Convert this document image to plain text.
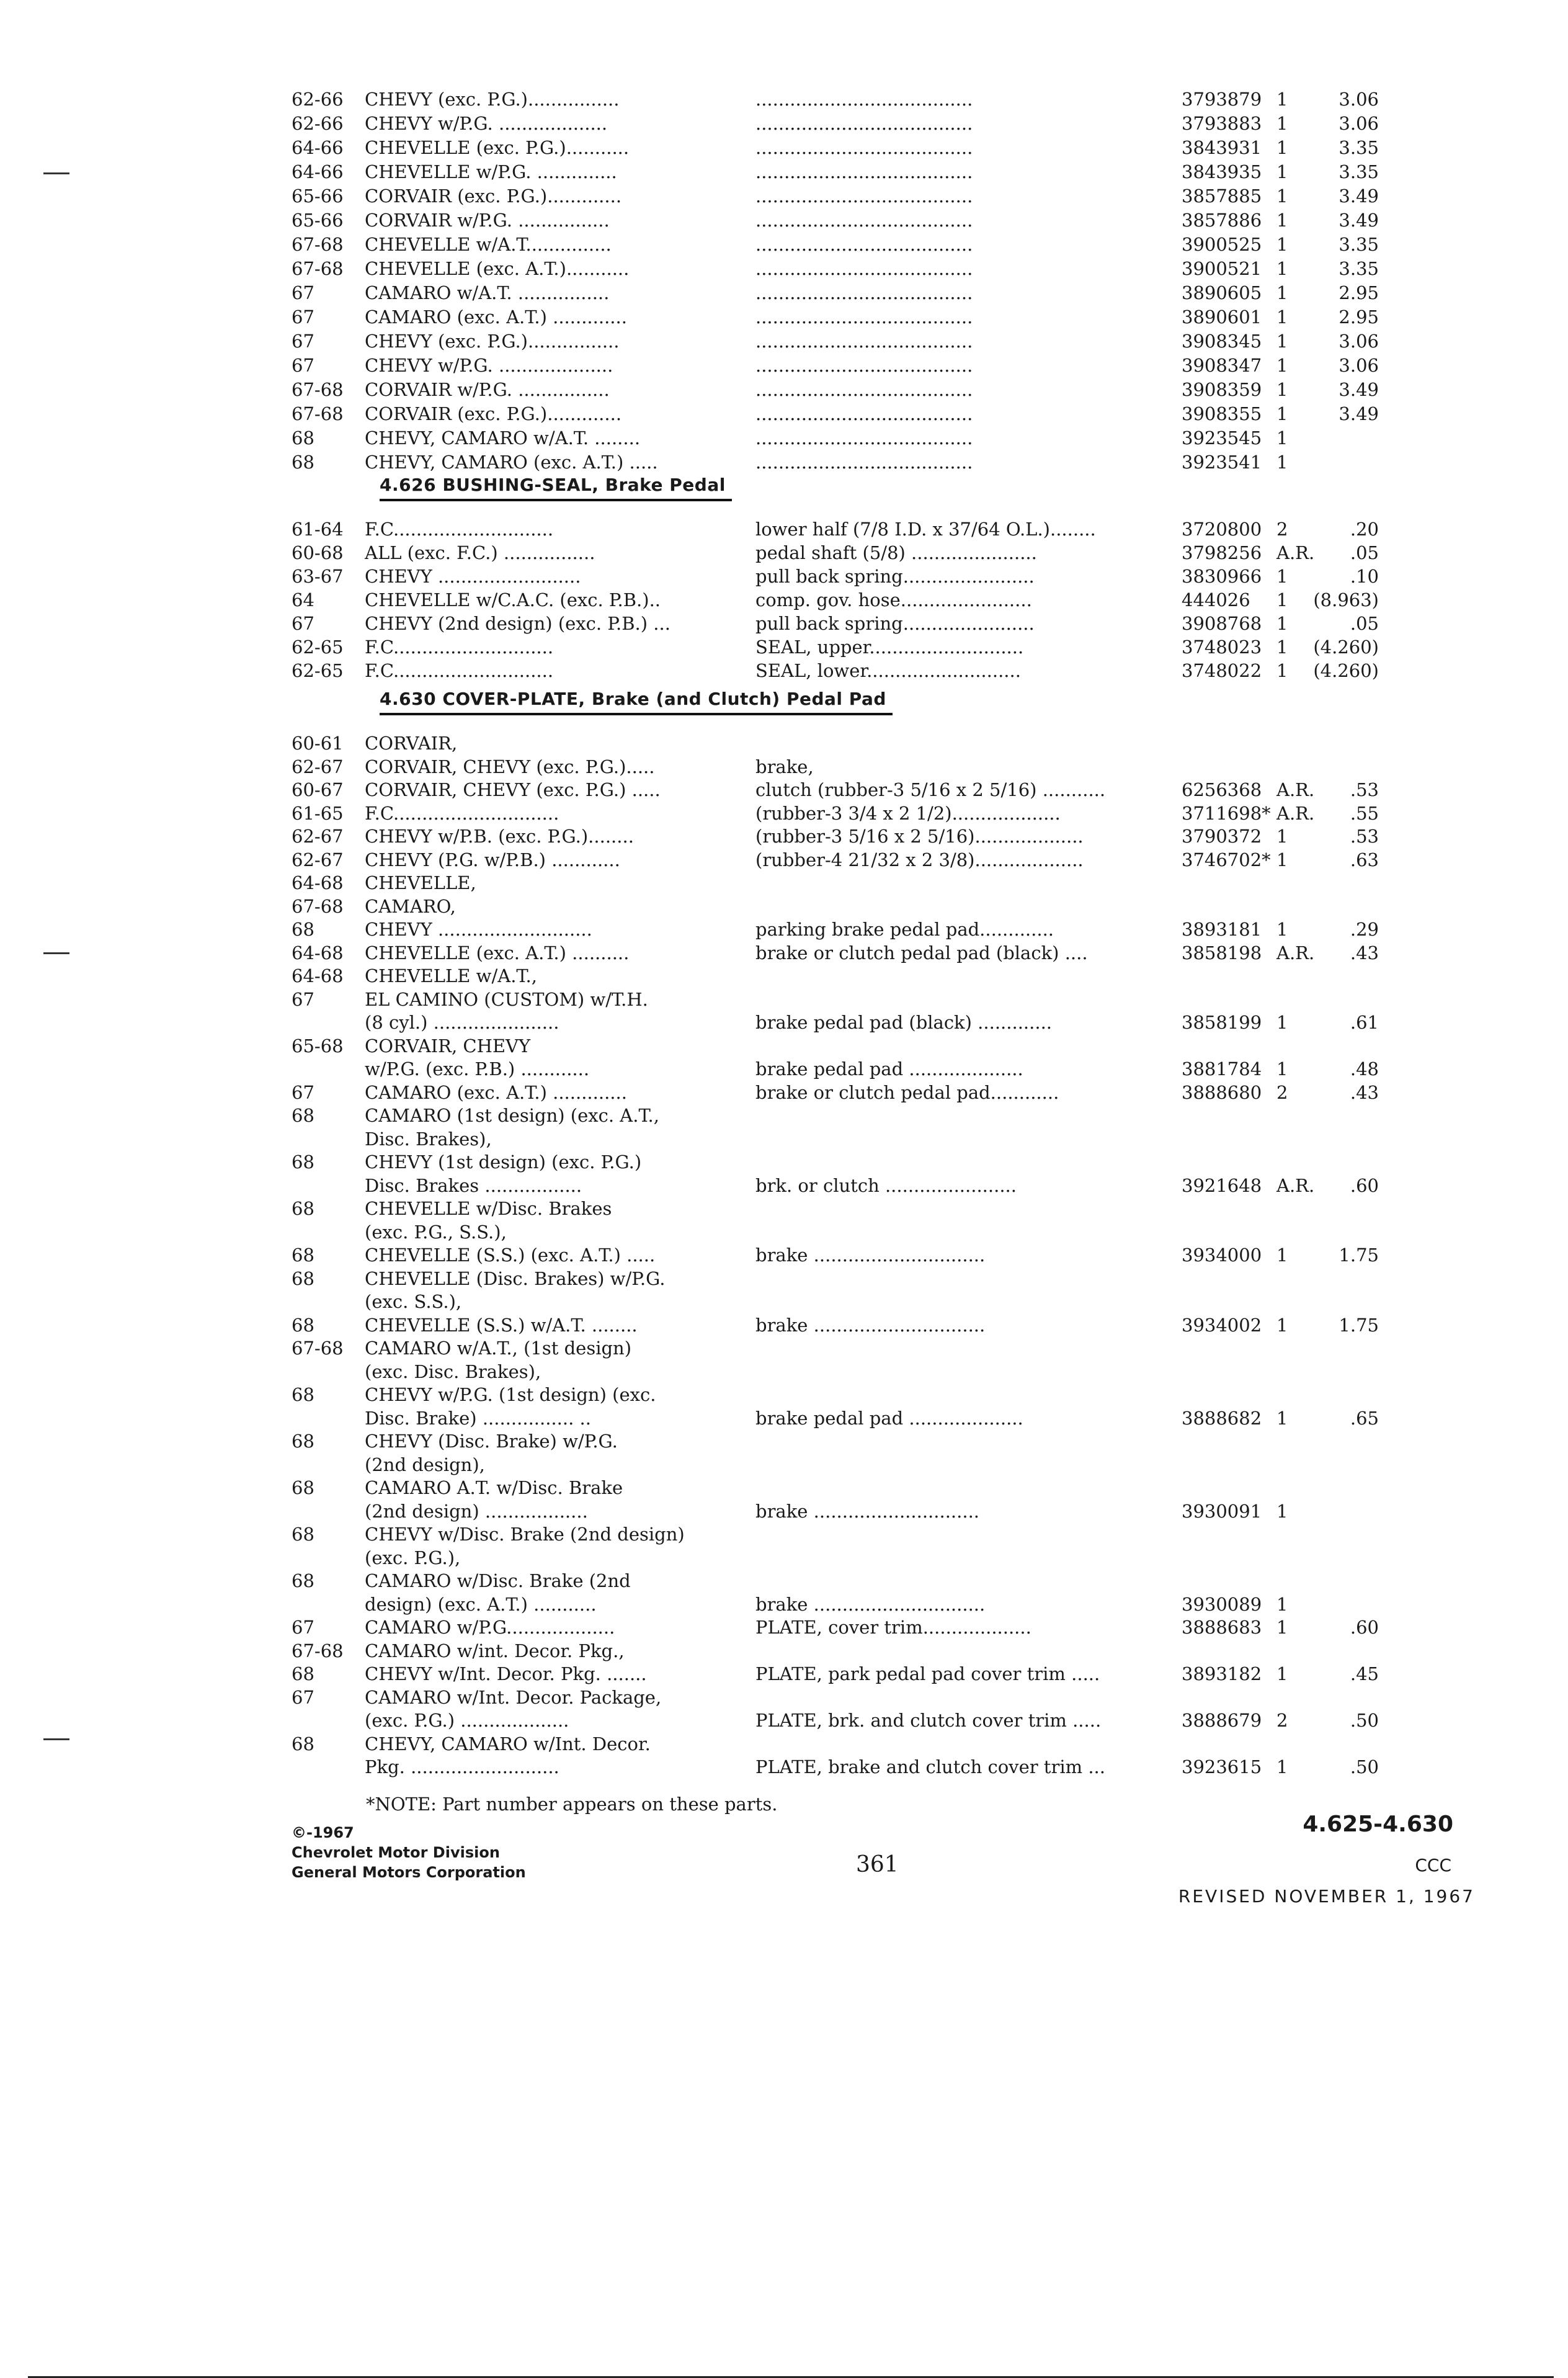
62-66 CHEVY (exc. P.G.)................	......................................	3793879 1	3.06
62-66 CHEVY w/P.G. ...................	......................................	3793883 1	3.06
64-66 CHEVELLE (exc. P.G.)...........	......................................	3843931 1	3.35
64-66 CHEVELLE w/P.G. ..............	......................................	3843935 1	3.35
65-66 CORVAIR (exc. P.G.).............	......................................	3857885 1	3.49
65-66 CORVAIR w/P.G. ................	......................................	3857886 1	3.49
67-68 CHEVELLE w/A.T...............	......................................	3900525 1	3.35
67-68 CHEVELLE (exc. A.T.)...........	......................................	3900521 1	3.35
67	CAMARO w/A.T. ................	......................................	3890605 1	2.95
67	CAMARO (exc. A.T.) .............	......................................	3890601 1	2.95
67	CHEVY (exc. P.G.)................	......................................	3908345 1	3.06
67	CHEVY w/P.G. ....................	......................................	3908347 1	3.06
67-68 CORVAIR w/P.G. ................	......................................	3908359 1	3.49
67-68 CORVAIR (exc. P.G.).............	......................................	3908355 1	3.49
68	CHEVY, CAMARO w/A.T. ........	......................................	3923545 1
68	CHEVY, CAMARO (exc. A.T.) .....	......................................	3923541 1
4.626 BUSHING-SEAL, Brake Pedal
61-64 F.C............................	lower half (7/8 I.D. x 37/64 O.L.)........	3720800 2	.20
60-68 ALL (exc. F.C.) ................	pedal shaft (5/8) ......................	3798256 A.R. .05
63-67 CHEVY .........................	pull back spring.......................	3830966 1	.10
64	CHEVELLE w/C.A.C. (exc. P.B.)..	comp. gov. hose.......................	444026 1 (8.963)
67	CHEVY (2nd design) (exc. P.B.) ...	pull back spring.......................	3908768 1	.05
62-65 F.C............................	SEAL, upper...........................	3748023 1 (4.260)
62-65 F.C............................	SEAL, lower...........................	3748022 1 (4.260)
4.630 COVER-PLATE, Brake (and Clutch) Pedal Pad
60-61 CORVAIR,
62-67 CORVAIR, CHEVY (exc. P.G.).....	brake,
60-67 CORVAIR, CHEVY (exc. P.G.) .....	clutch (rubber-3 5/16 x 2 5/16) ...........	6256368 A.R. .53
61-65 F.C.............................	(rubber-3 3/4 x 2 1/2)...................	3711698* A.R. .55
62-67 CHEVY w/P.B. (exc. P.G.)........	(rubber-3 5/16 x 2 5/16)...................	3790372 1	.53
62-67 CHEVY (P.G. w/P.B.) ............	(rubber-4 21/32 x 2 3/8)...................	3746702* 1	.63
64-68 CHEVELLE,
67-68 CAMARO,
68	CHEVY ...........................	parking brake pedal pad.............	3893181 1	.29
64-68 CHEVELLE (exc. A.T.) ..........	brake or clutch pedal pad (black) ....	3858198 A.R. .43
64-68 CHEVELLE w/A.T.,
67	EL CAMINO (CUSTOM) w/T.H.
(8 cyl.) ......................	brake pedal pad (black) .............	3858199 1	.61
65-68 CORVAIR, CHEVY
w/P.G. (exc. P.B.) ............	brake pedal pad ....................	3881784 1	.48
67	CAMARO (exc. A.T.) .............	brake or clutch pedal pad............	3888680 2	.43
68	CAMARO (1st design) (exc. A.T.,
Disc. Brakes),
68	CHEVY (1st design) (exc. P.G.)
Disc. Brakes .................	brk. or clutch .......................	3921648 A.R. .60
68	CHEVELLE w/Disc. Brakes
(exc. P.G., S.S.),
68	CHEVELLE (S.S.) (exc. A.T.) .....	brake ..............................	3934000 1	1.75
68	CHEVELLE (Disc. Brakes) w/P.G.
(exc. S.S.),
68	CHEVELLE (S.S.) w/A.T. ........	brake ..............................	3934002 1	1.75
67-68 CAMARO w/A.T., (1st design)
(exc. Disc. Brakes),
68	CHEVY w/P.G. (1st design) (exc.
Disc. Brake) ................ ..	brake pedal pad ....................	3888682 1	.65
68	CHEVY (Disc. Brake) w/P.G.
(2nd design),
68	CAMARO A.T. w/Disc. Brake
(2nd design) ..................	brake .............................	3930091 1
68	CHEVY w/Disc. Brake (2nd design)
(exc. P.G.),
68	CAMARO w/Disc. Brake (2nd
design) (exc. A.T.) ...........	brake ..............................	3930089 1
67	CAMARO w/P.G...................	PLATE, cover trim...................	3888683 1	.60
67-68 CAMARO w/int. Decor. Pkg.,
68	CHEVY w/Int. Decor. Pkg. .......	PLATE, park pedal pad cover trim .....	3893182 1	.45
67	CAMARO w/Int. Decor. Package,
(exc. P.G.) ...................	PLATE, brk. and clutch cover trim .....	3888679 2	.50
68	CHEVY, CAMARO w/Int. Decor.
Pkg. ..........................	PLATE, brake and clutch cover trim ...	3923615 1	.50
*NOTE: Part number appears on these parts.
©-1967
Chevrolet Motor Division
General Motors Corporation	361
4.625-4.630
CCC
REVISED NOVEMBER 1, 1967
